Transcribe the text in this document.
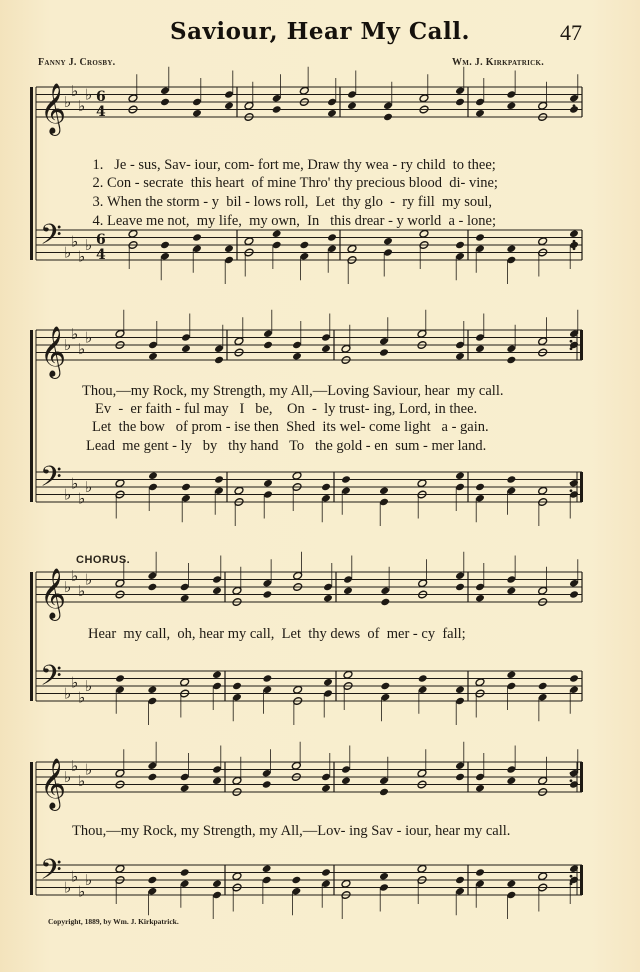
Saviour, Hear My Call.	47
Fanny J. Crosby.	Wm. J. Kirkpatrick.
𝄞
♭
♭
♭
♭ 6
4
𝄢 ♭
♭
♭
♭ 6
4
𝄞
♭
♭
♭
♭
𝄢 ♭
♭
♭
♭
𝄞
♭
♭
♭
♭
𝄢 ♭
♭
♭
♭
𝄞
♭
♭
♭
♭
𝄢 ♭
♭
♭
♭

1. Je - sus, Sav- iour, com- fort me, Draw thy wea - ry child  to thee;

2. Con - secrate  this heart  of mine Thro' thy precious blood  di- vine;

3. When the storm - y  bil - lows roll,  Let  thy glo  -  ry fill  my soul,

4. Leave me not,  my life,  my own,  In   this drear - y world  a - lone;

Thou,—my Rock, my Strength, my All,—Loving Saviour, hear  my call.
Ev  -  er faith - ful may   I   be,    On  -  ly trust- ing, Lord, in thee.
Let  the bow   of prom - ise then  Shed  its wel- come light   a - gain.
Lead  me gent - ly   by   thy hand   To   the gold - en  sum - mer land.
CHORUS.
Hear  my call,  oh, hear my call,  Let  thy dews  of  mer - cy  fall;
Thou,—my Rock, my Strength, my All,—Lov- ing Sav - iour, hear my call.
Copyright, 1889, by Wm. J. Kirkpatrick.
